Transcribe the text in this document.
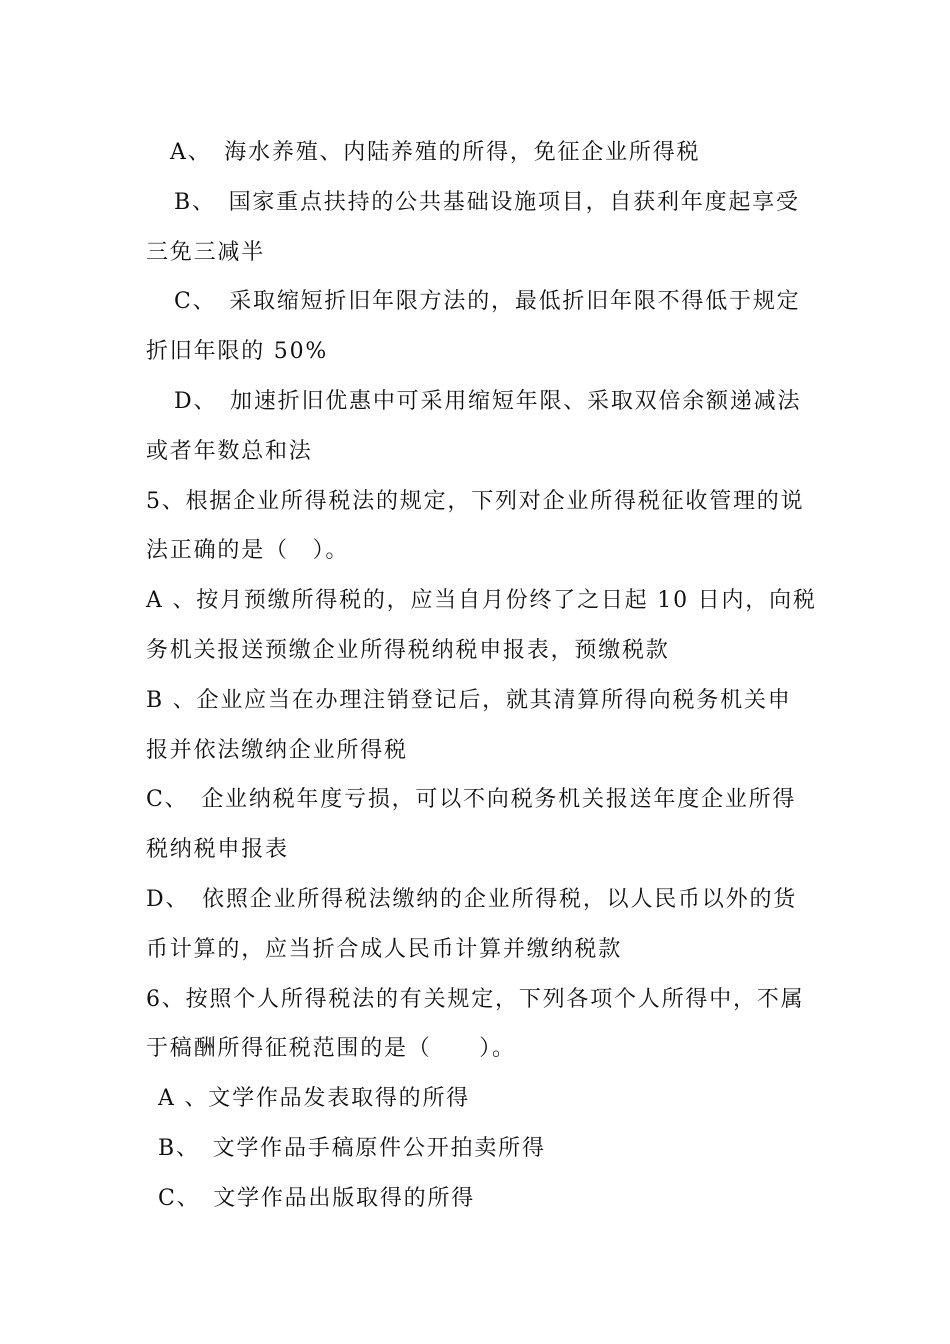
A、　海水养殖、内陆养殖的所得，免征企业所得税
B、　国家重点扶持的公共基础设施项目，自获利年度起享受
三免三减半
C、　采取缩短折旧年限方法的，最低折旧年限不得低于规定
折旧年限的 50%
D、　加速折旧优惠中可采用缩短年限、采取双倍余额递减法
或者年数总和法
5、根据企业所得税法的规定，下列对企业所得税征收管理的说
法正确的是（　）。
A 、按月预缴所得税的，应当自月份终了之日起 10 日内，向税
务机关报送预缴企业所得税纳税申报表，预缴税款
B 、企业应当在办理注销登记后，就其清算所得向税务机关申
报并依法缴纳企业所得税
C、　企业纳税年度亏损，可以不向税务机关报送年度企业所得
税纳税申报表
D、　依照企业所得税法缴纳的企业所得税，以人民币以外的货
币计算的，应当折合成人民币计算并缴纳税款
6、按照个人所得税法的有关规定，下列各项个人所得中，不属
于稿酬所得征税范围的是（　　）。
A 、文学作品发表取得的所得
B、　文学作品手稿原件公开拍卖所得
C、　文学作品出版取得的所得
